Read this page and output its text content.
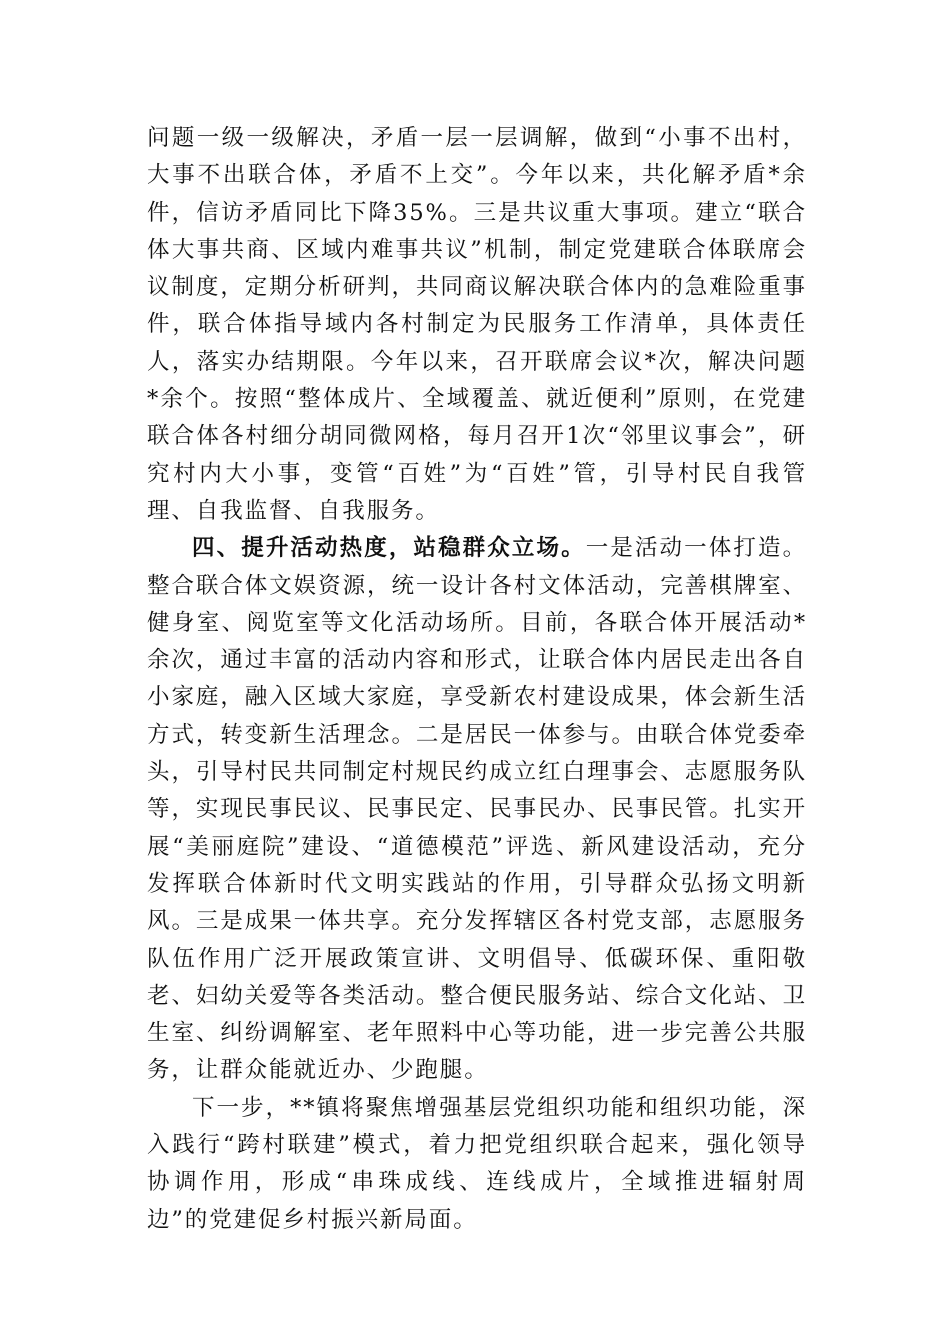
问题一级一级解决，矛盾一层一层调解，做到“小事不出村，大事不出联合体，矛盾不上交”。今年以来，共化解矛盾*余件，信访矛盾同比下降35%。三是共议重大事项。建立“联合体大事共商、区域内难事共议”机制，制定党建联合体联席会议制度，定期分析研判，共同商议解决联合体内的急难险重事件，联合体指导域内各村制定为民服务工作清单，具体责任人，落实办结期限。今年以来，召开联席会议*次，解决问题*余个。按照“整体成片、全域覆盖、就近便利”原则，在党建联合体各村细分胡同微网格，每月召开1次“邻里议事会”，研究村内大小事，变管“百姓”为“百姓”管，引导村民自我管理、自我监督、自我服务。

四、提升活动热度，站稳群众立场。一是活动一体打造。整合联合体文娱资源，统一设计各村文体活动，完善棋牌室、健身室、阅览室等文化活动场所。目前，各联合体开展活动*余次，通过丰富的活动内容和形式，让联合体内居民走出各自小家庭，融入区域大家庭，享受新农村建设成果，体会新生活方式，转变新生活理念。二是居民一体参与。由联合体党委牵头，引导村民共同制定村规民约成立红白理事会、志愿服务队等，实现民事民议、民事民定、民事民办、民事民管。扎实开展“美丽庭院”建设、“道德模范”评选、新风建设活动，充分发挥联合体新时代文明实践站的作用，引导群众弘扬文明新风。三是成果一体共享。充分发挥辖区各村党支部，志愿服务队伍作用广泛开展政策宣讲、文明倡导、低碳环保、重阳敬老、妇幼关爱等各类活动。整合便民服务站、综合文化站、卫生室、纠纷调解室、老年照料中心等功能，进一步完善公共服务，让群众能就近办、少跑腿。

下一步，**镇将聚焦增强基层党组织功能和组织功能，深入践行“跨村联建”模式，着力把党组织联合起来，强化领导协调作用，形成“串珠成线、连线成片，全域推进辐射周边”的党建促乡村振兴新局面。
